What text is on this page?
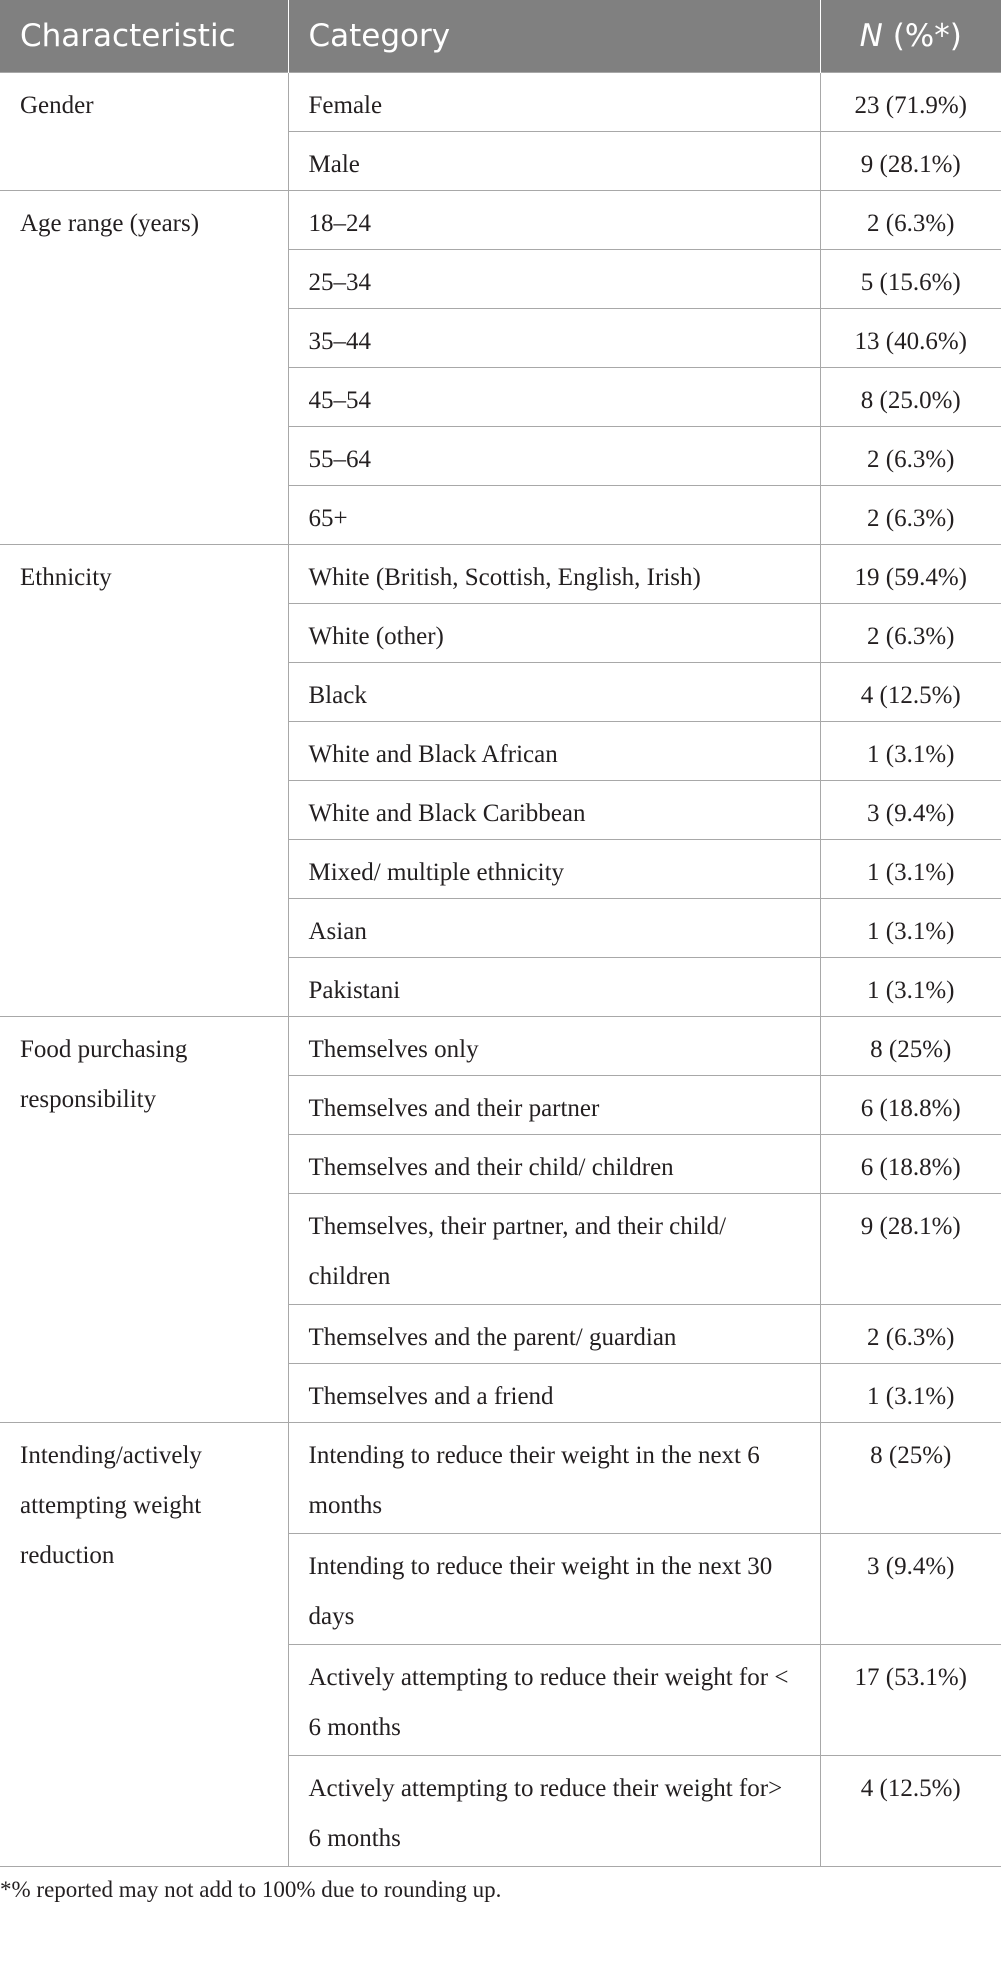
Characteristic	Category	N (%*)
Gender	Female	23 (71.9%)
	Male	9 (28.1%)
Age range (years)	18–24	2 (6.3%)
	25–34	5 (15.6%)
	35–44	13 (40.6%)
	45–54	8 (25.0%)
	55–64	2 (6.3%)
	65+	2 (6.3%)
Ethnicity	White (British, Scottish, English, Irish)	19 (59.4%)
	White (other)	2 (6.3%)
	Black	4 (12.5%)
	White and Black African	1 (3.1%)
	White and Black Caribbean	3 (9.4%)
	Mixed/ multiple ethnicity	1 (3.1%)
	Asian	1 (3.1%)
	Pakistani	1 (3.1%)
Food purchasing responsibility	Themselves only	8 (25%)
	Themselves and their partner	6 (18.8%)
	Themselves and their child/ children	6 (18.8%)
	Themselves, their partner, and their child/ children	9 (28.1%)
	Themselves and the parent/ guardian	2 (6.3%)
	Themselves and a friend	1 (3.1%)
Intending/actively attempting weight reduction	Intending to reduce their weight in the next 6 months	8 (25%)
	Intending to reduce their weight in the next 30 days	3 (9.4%)
	Actively attempting to reduce their weight for < 6 months	17 (53.1%)
	Actively attempting to reduce their weight for> 6 months	4 (12.5%)

*% reported may not add to 100% due to rounding up.
